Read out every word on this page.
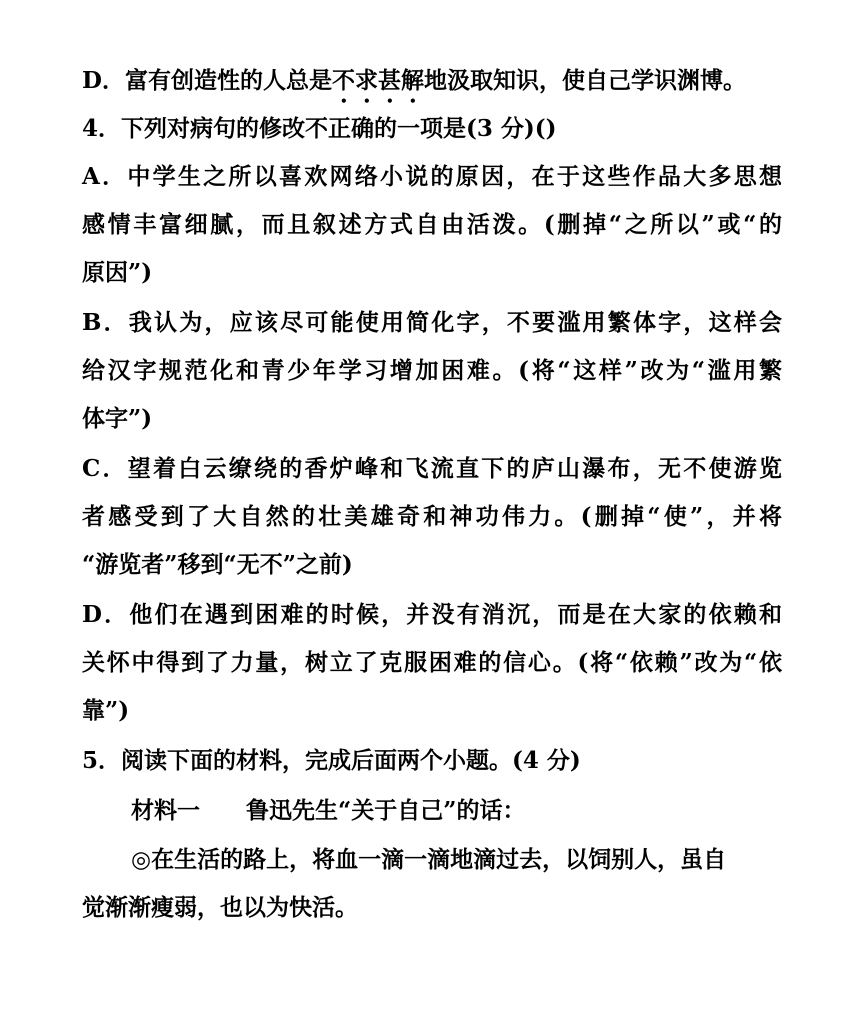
D．富有创造性的人总是不求甚解地汲取知识，使自己学识渊博。
4．下列对病句的修改不正确的一项是(3 分)()
A．中学生之所以喜欢网络小说的原因，在于这些作品大多思想
感情丰富细腻，而且叙述方式自由活泼。(删掉“之所以”或“的
原因”)
B．我认为，应该尽可能使用简化字，不要滥用繁体字，这样会
给汉字规范化和青少年学习增加困难。(将“这样”改为“滥用繁
体字”)
C．望着白云缭绕的香炉峰和飞流直下的庐山瀑布，无不使游览
者感受到了大自然的壮美雄奇和神功伟力。(删掉“使”，并将
“游览者”移到“无不”之前)
D．他们在遇到困难的时候，并没有消沉，而是在大家的依赖和
关怀中得到了力量，树立了克服困难的信心。(将“依赖”改为“依
靠”)
5．阅读下面的材料，完成后面两个小题。(4 分)
材料一 鲁迅先生“关于自己”的话：
◎在生活的路上，将血一滴一滴地滴过去，以饲别人，虽自
觉渐渐瘦弱，也以为快活。
